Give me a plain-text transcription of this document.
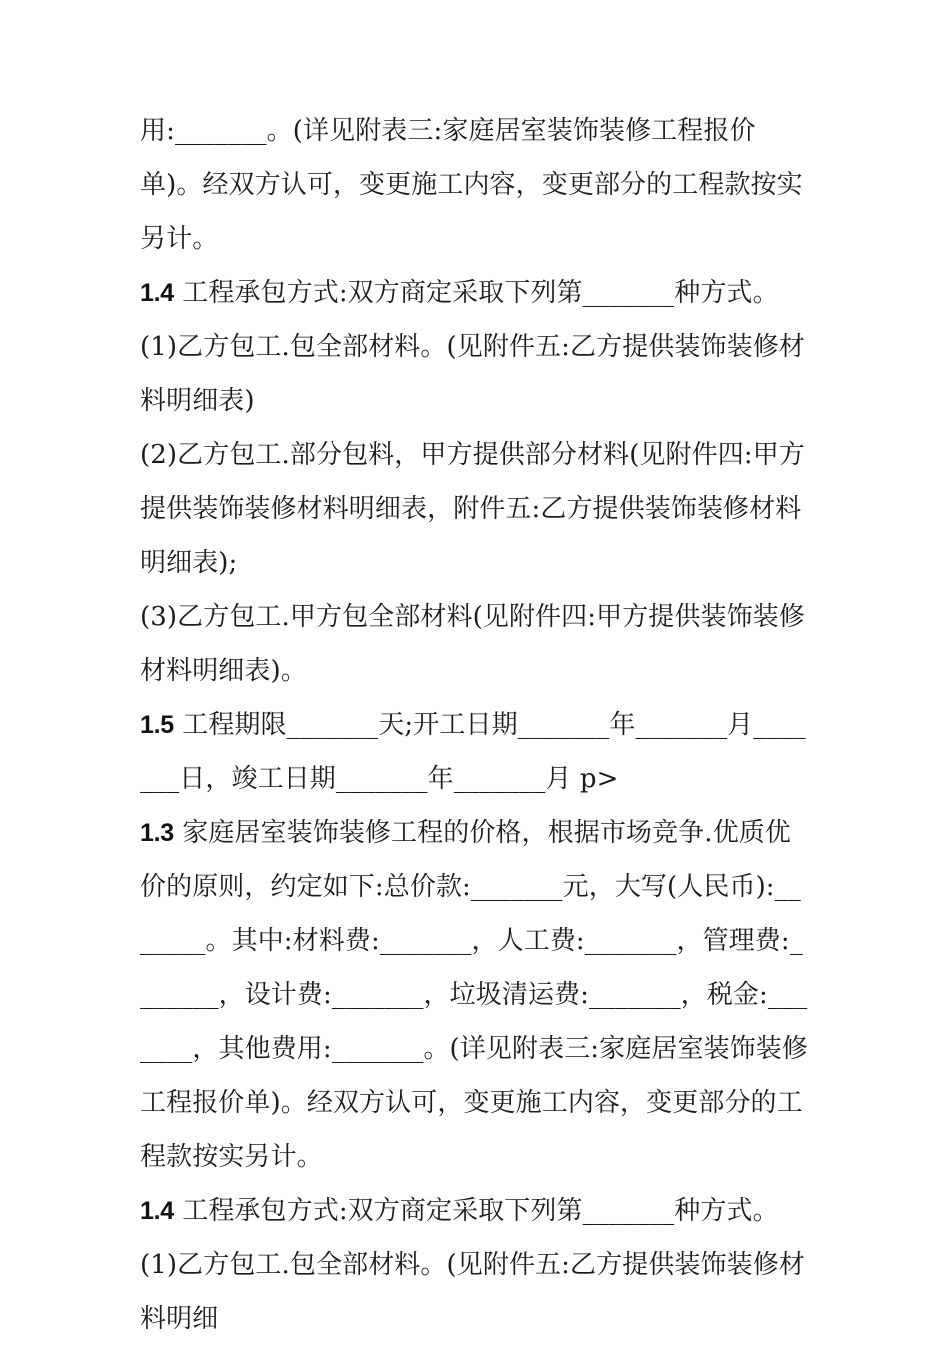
用:_______。(详见附表三:家庭居室装饰装修工程报价单)。经双方认可，变更施工内容，变更部分的工程款按实另计。

1.4 工程承包方式:双方商定采取下列第_______种方式。 (1)乙方包工.包全部材料。(见附件五:乙方提供装饰装修材料明细表)

(2)乙方包工.部分包料，甲方提供部分材料(见附件四:甲方提供装饰装修材料明细表，附件五:乙方提供装饰装修材料明细表);

(3)乙方包工.甲方包全部材料(见附件四:甲方提供装饰装修材料明细表)。

1.5 工程期限_______天;开工日期_______年_______月_______日，竣工日期_______年_______月 p>

1.3 家庭居室装饰装修工程的价格，根据市场竞争.优质优价的原则，约定如下:总价款:_______元，大写(人民币):_______。其中:材料费:_______，人工费:_______，管理费:_______，设计费:_______，垃圾清运费:_______，税金:_______，其他费用:_______。(详见附表三:家庭居室装饰装修工程报价单)。经双方认可，变更施工内容，变更部分的工程款按实另计。

1.4 工程承包方式:双方商定采取下列第_______种方式。 (1)乙方包工.包全部材料。(见附件五:乙方提供装饰装修材料明细
